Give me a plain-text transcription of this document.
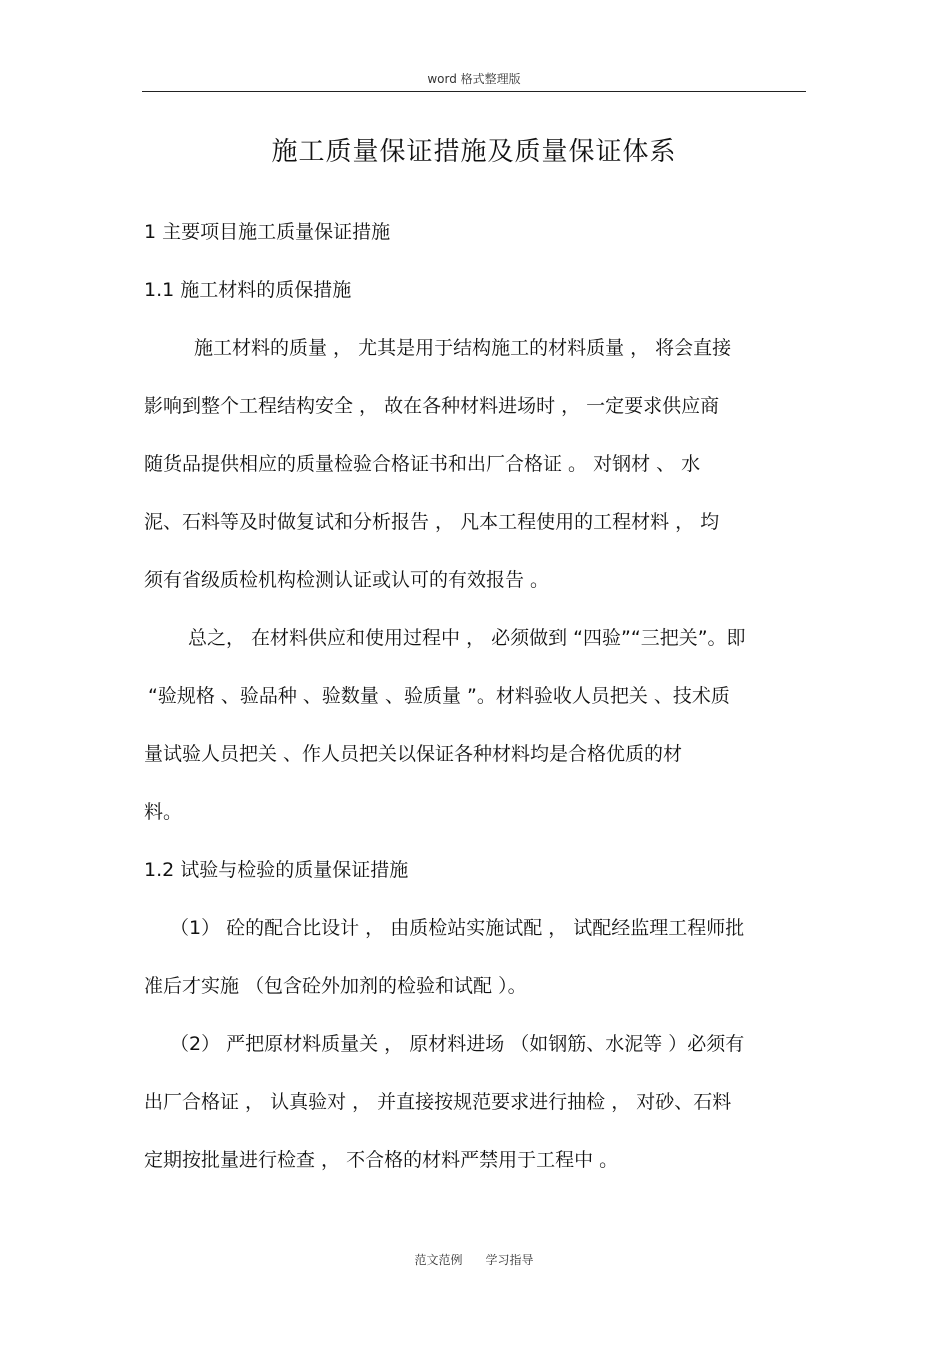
word 格式整理版
施工质量保证措施及质量保证体系
1 主要项目施工质量保证措施
1.1 施工材料的质保措施
施工材料的质量 ， 尤其是用于结构施工的材料质量 ， 将会直接
影响到整个工程结构安全 ， 故在各种材料进场时 ， 一定要求供应商
随货品提供相应的质量检验合格证书和出厂合格证 。 对钢材 、 水
泥、石料等及时做复试和分析报告 ， 凡本工程使用的工程材料 ， 均
须有省级质检机构检测认证或认可的有效报告 。
总之， 在材料供应和使用过程中 ， 必须做到 “四验”“三把关”。即
“验规格 、验品种 、验数量 、验质量 ”。材料验收人员把关 、技术质
量试验人员把关 、作人员把关以保证各种材料均是合格优质的材
料。
1.2 试验与检验的质量保证措施
（1） 砼的配合比设计 ， 由质检站实施试配 ， 试配经监理工程师批
准后才实施 （包含砼外加剂的检验和试配 ）。
（2） 严把原材料质量关 ， 原材料进场 （如钢筋、水泥等 ）必须有
出厂合格证 ， 认真验对 ， 并直接按规范要求进行抽检 ， 对砂、石料
定期按批量进行检查 ， 不合格的材料严禁用于工程中 。
范文范例 学习指导
